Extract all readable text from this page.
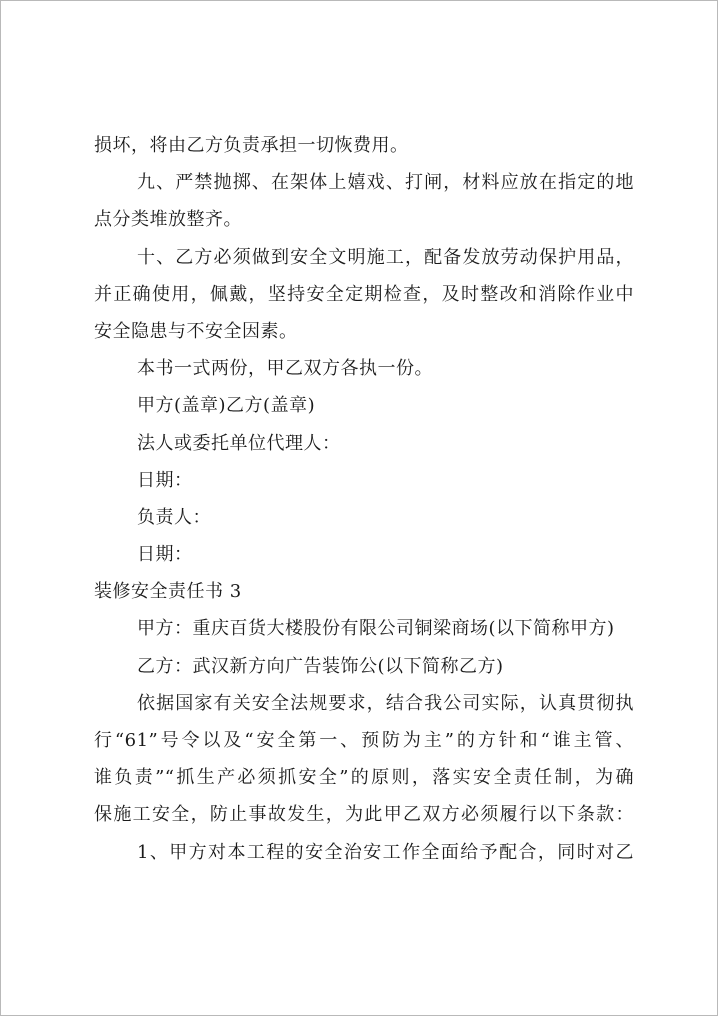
损坏，将由乙方负责承担一切恢费用。
九、严禁抛掷、在架体上嬉戏、打闸，材料应放在指定的地
点分类堆放整齐。
十、乙方必须做到安全文明施工，配备发放劳动保护用品，
并正确使用，佩戴，坚持安全定期检查，及时整改和消除作业中
安全隐患与不安全因素。
本书一式两份，甲乙双方各执一份。
甲方(盖章)乙方(盖章)
法人或委托单位代理人：
日期：
负责人：
日期：
装修安全责任书 3
甲方：重庆百货大楼股份有限公司铜梁商场(以下简称甲方)
乙方：武汉新方向广告装饰公(以下简称乙方)
依据国家有关安全法规要求，结合我公司实际，认真贯彻执
行“61”号令以及“安全第一、预防为主”的方针和“谁主管、
谁负责”“抓生产必须抓安全”的原则，落实安全责任制，为确
保施工安全，防止事故发生，为此甲乙双方必须履行以下条款：
1、甲方对本工程的安全治安工作全面给予配合，同时对乙
